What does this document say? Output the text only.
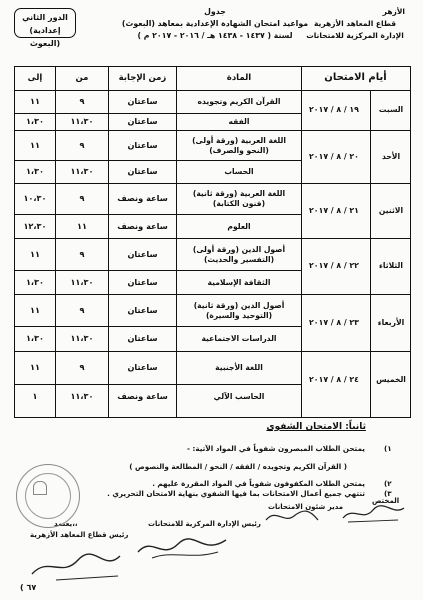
الأزهر
قطاع المعاهد الأزهرية
الإدارة المركزية للامتحانات
جدول
مواعيد امتحان الشهادة الإعدادية بمعاهد (البعوث)
لسنة ( ١٤٣٧ - ١٤٣٨ هـ / ٢٠١٦ - ٢٠١٧ م )
الدور الثاني
(إعدادية البعوث)
أيام الامتحان
المادة
زمن الإجابة
من
إلى
السبت
١٩ / ٨ / ٢٠١٧
القرآن الكريم وتجويده
ساعتان
٩
١١
الفقه
ساعتان
١١،٣٠
١،٣٠
الأحد
٢٠ / ٨ / ٢٠١٧
اللغة العربية (ورقة أولى)
(النحو والصرف)
ساعتان
٩
١١
الحساب
ساعتان
١١،٣٠
١،٣٠
الاثنين
٢١ / ٨ / ٢٠١٧
اللغة العربية (ورقة ثانية)
(فنون الكتابة)
ساعة ونصف
٩
١٠،٣٠
العلوم
ساعة ونصف
١١
١٢،٣٠
الثلاثاء
٢٢ / ٨ / ٢٠١٧
أصول الدين (ورقة أولى)
(التفسير والحديث)
ساعتان
٩
١١
الثقافة الإسلامية
ساعتان
١١،٣٠
١،٣٠
الأربعاء
٢٣ / ٨ / ٢٠١٧
أصول الدين (ورقة ثانية)
(التوحيد والسيرة)
ساعتان
٩
١١
الدراسات الاجتماعية
ساعتان
١١،٣٠
١،٣٠
الخميس
٢٤ / ٨ / ٢٠١٧
اللغة الأجنبية
ساعتان
٩
١١
الحاسب الآلي
ساعة ونصف
١١،٣٠
١
ثانياً: الامتحان الشفوي
(١
يمتحن الطلاب المبصرون شفوياً في المواد الآتية: -
( القرآن الكريم وتجويده / الفقه / النحو / المطالعة والنصوص )
(٢
يمتحن الطلاب المكفوفون شفوياً في المواد المقررة عليهم .
(٣
تنتهي جميع أعمال الامتحانات بما فيها الشفوي بنهاية الامتحان التحريري .
المختص
مدير شئون الامتحانات
رئيس الإدارة المركزية للامتحانات
يعتمد،،
رئيس قطاع المعاهد الأزهرية
( ٦٧
